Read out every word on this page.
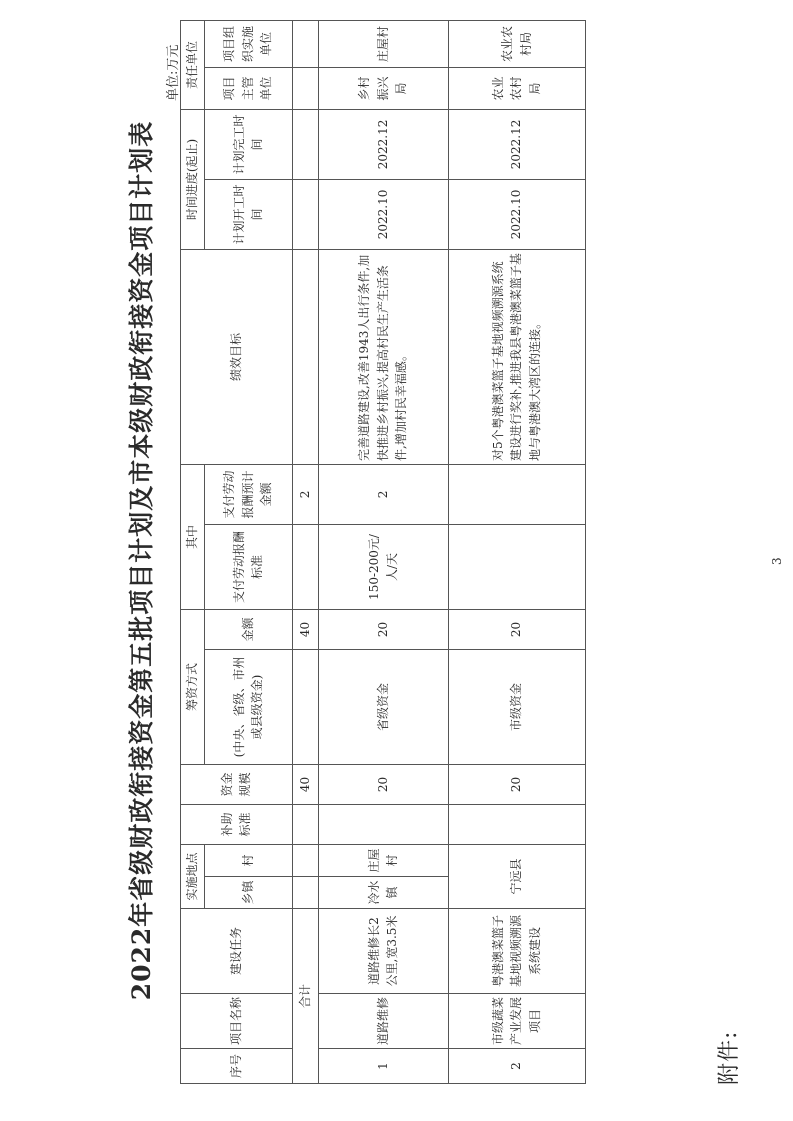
附件:
2022年省级财政衔接资金第五批项目计划及市本级财政衔接资金项目计划表
单位:万元
序号	项目名称	建设任务	实施地点		补助标准	资金规模	筹资方式		其中		绩效目标	时间进度(起止)		责任单位	
			乡镇	村			(中央、省级、市州或县级资金)	金额	支付劳动报酬标准	支付劳动报酬预计金额		计划开工时间	计划完工时间	项目主管单位	项目组织实施单位

合计						40		40		2					
1	道路维修	道路维修长2公里,宽3.5米	冷水镇	庄屋村		20	省级资金	20	150-200元/人/天	2	完善道路建设,改善1943人出行条件,加快推进乡村振兴,提高村民生产生活条件,增加村民幸福感。	2022.10	2022.12	乡村振兴局	庄屋村
2	市级蔬菜产业发展项目	粤港澳菜篮子基地视频溯源系统建设	宁远县			20	市级资金	20			对5个粤港澳菜篮子基地视频溯源系统建设进行奖补,推进我县粤港澳菜篮子基地与粤港澳大湾区的连接。	2022.10	2022.12	农业农村局	农业农村局
3
